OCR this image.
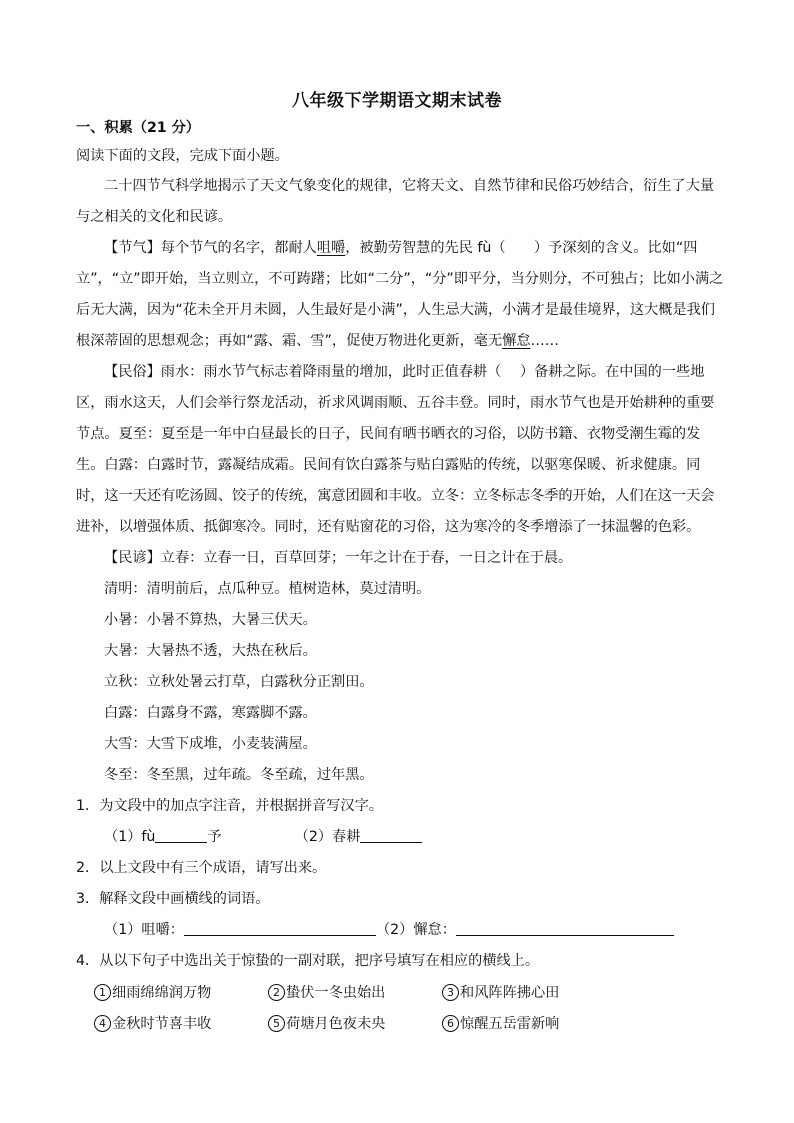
八年级下学期语文期末试卷
一、积累（21 分）
阅读下面的文段，完成下面小题。
二十四节气科学地揭示了天文气象变化的规律，它将天文、自然节律和民俗巧妙结合，衍生了大量
与之相关的文化和民谚。
【节气】每个节气的名字，都耐人咀嚼，被勤劳智慧的先民 fù（　　）予深刻的含义。比如“四
立”，“立”即开始，当立则立，不可踌躇；比如“二分”，“分”即平分，当分则分，不可独占；比如小满之
后无大满，因为“花未全开月未圆，人生最好是小满”，人生忌大满，小满才是最佳境界，这大概是我们
根深蒂固的思想观念；再如“露、霜、雪”，促使万物进化更新，毫无懈怠……
【民俗】雨水：雨水节气标志着降雨量的增加，此时正值春耕（　 ）备耕之际。在中国的一些地
区，雨水这天，人们会举行祭龙活动，祈求风调雨顺、五谷丰登。同时，雨水节气也是开始耕种的重要
节点。夏至：夏至是一年中白昼最长的日子，民间有晒书晒衣的习俗，以防书籍、衣物受潮生霉的发
生。白露：白露时节，露凝结成霜。民间有饮白露茶与贴白露贴的传统，以驱寒保暖、祈求健康。同
时，这一天还有吃汤圆、饺子的传统，寓意团圆和丰收。立冬：立冬标志冬季的开始，人们在这一天会
进补，以增强体质、抵御寒冷。同时，还有贴窗花的习俗，这为寒冷的冬季增添了一抹温馨的色彩。
【民谚】立春：立春一日，百草回芽；一年之计在于春，一日之计在于晨。
清明：清明前后，点瓜种豆。植树造林，莫过清明。
小暑：小暑不算热，大暑三伏天。
大暑：大暑热不透，大热在秋后。
立秋：立秋处暑云打草，白露秋分正割田。
白露：白露身不露，寒露脚不露。
大雪：大雪下成堆，小麦装满屋。
冬至：冬至黑，过年疏。冬至疏，过年黑。
1．为文段中的加点字注音，并根据拼音写汉字。
（1）fù	予	（2）春耕
2．以上文段中有三个成语，请写出来。
3．解释文段中画横线的词语。
（1）咀嚼：	（2）懈怠：
4．从以下句子中选出关于惊蛰的一副对联，把序号填写在相应的横线上。
1 细雨绵绵润万物	2 蛰伏一冬虫始出	3 和风阵阵拂心田
4 金秋时节喜丰收	5 荷塘月色夜未央	6 惊醒五岳雷新响
